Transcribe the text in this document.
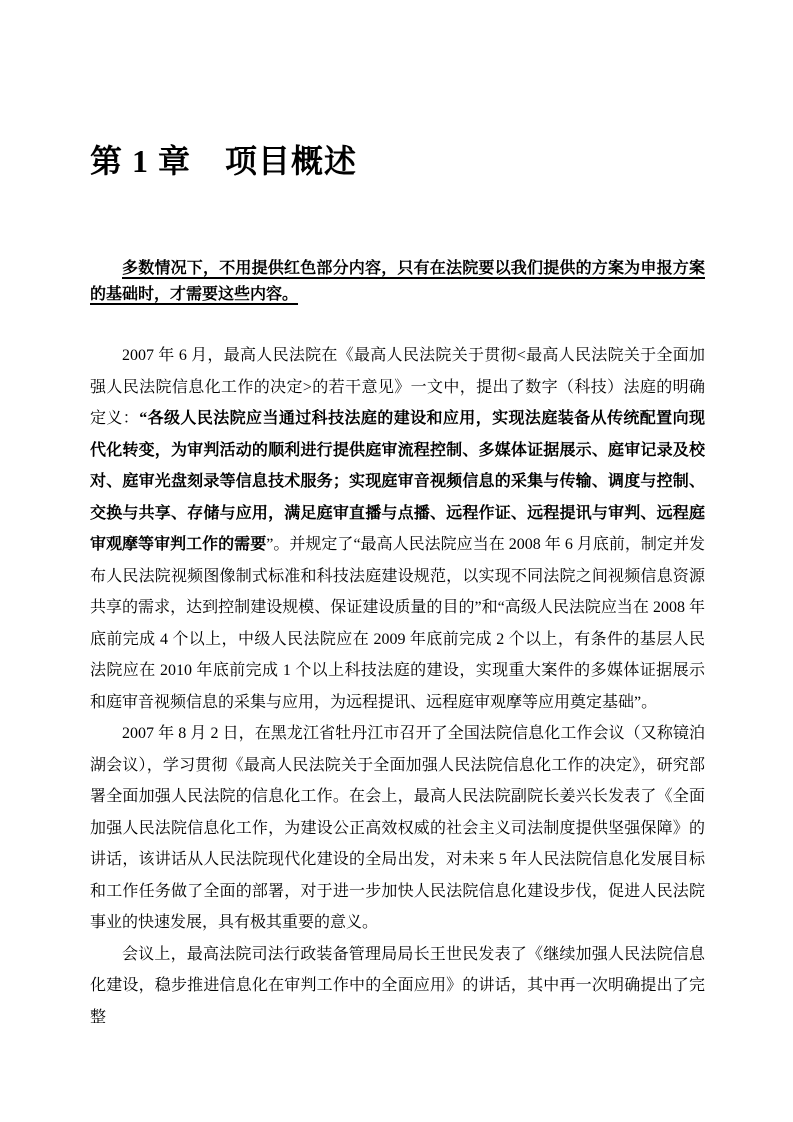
第 1 章 项目概述

多数情况下，不用提供红色部分内容，只有在法院要以我们提供的方案为申报方案的基础时，才需要这些内容。

2007 年 6 月，最高人民法院在《最高人民法院关于贯彻<最高人民法院关于全面加强人民法院信息化工作的决定>的若干意见》一文中，提出了数字（科技）法庭的明确定义：“各级人民法院应当通过科技法庭的建设和应用，实现法庭装备从传统配置向现代化转变，为审判活动的顺利进行提供庭审流程控制、多媒体证据展示、庭审记录及校对、庭审光盘刻录等信息技术服务；实现庭审音视频信息的采集与传输、调度与控制、交换与共享、存储与应用，满足庭审直播与点播、远程作证、远程提讯与审判、远程庭审观摩等审判工作的需要”。并规定了“最高人民法院应当在 2008 年 6 月底前，制定并发布人民法院视频图像制式标准和科技法庭建设规范，以实现不同法院之间视频信息资源共享的需求，达到控制建设规模、保证建设质量的目的”和“高级人民法院应当在 2008 年底前完成 4 个以上，中级人民法院应在 2009 年底前完成 2 个以上，有条件的基层人民法院应在 2010 年底前完成 1 个以上科技法庭的建设，实现重大案件的多媒体证据展示和庭审音视频信息的采集与应用，为远程提讯、远程庭审观摩等应用奠定基础”。

2007 年 8 月 2 日，在黑龙江省牡丹江市召开了全国法院信息化工作会议（又称镜泊湖会议），学习贯彻《最高人民法院关于全面加强人民法院信息化工作的决定》，研究部署全面加强人民法院的信息化工作。在会上，最高人民法院副院长姜兴长发表了《全面加强人民法院信息化工作，为建设公正高效权威的社会主义司法制度提供坚强保障》的讲话，该讲话从人民法院现代化建设的全局出发，对未来 5 年人民法院信息化发展目标和工作任务做了全面的部署，对于进一步加快人民法院信息化建设步伐，促进人民法院事业的快速发展，具有极其重要的意义。

会议上，最高法院司法行政装备管理局局长王世民发表了《继续加强人民法院信息化建设，稳步推进信息化在审判工作中的全面应用》的讲话，其中再一次明确提出了完整
